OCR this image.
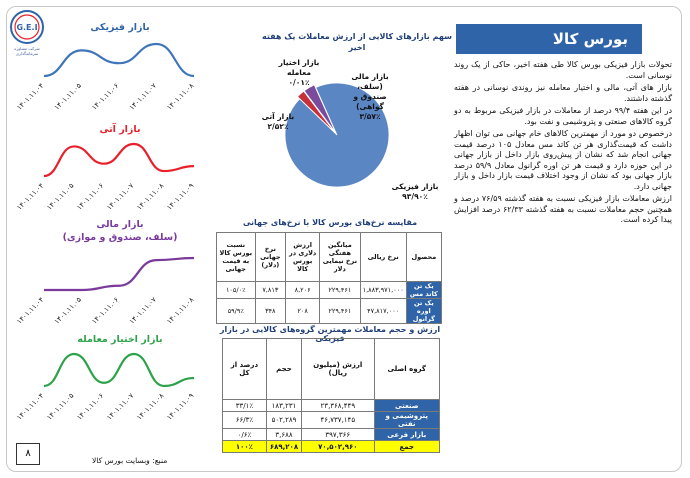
G.E.I
شرکت مشاوره سرمایه‌گذاری
بورس کالا

تحولات بازار فیزیکی بورس کالا طی هفته اخیر، حاکی از یک روند نوسانی است.

بازار های آتی، مالی و اختیار معامله نیز روندی نوسانی در هفته گذشته داشتند.

در این هفته ۹۹/۴ درصد از معاملات در بازار فیزیکی مربوط به دو گروه کالاهای صنعتی و پتروشیمی و نفت بود.

درخصوص دو مورد از مهمترین کالاهای خام جهانی می توان اظهار داشت که قیمت‌گذاری هر تن کاتد مس معادل ۱۰۵ درصد قیمت جهانی انجام شد که نشان از پیش‌روی بازار داخل از بازار جهانی در این حوزه دارد و قیمت هر تن اوره گرانول معادل ۵۹/۹ درصد بازار جهانی بود که نشان از وجود اختلاف قیمت بازار داخل و بازار جهانی دارد.

ارزش معاملات بازار فیزیکی نسبت به هفته گذشته ۷۶/۵۹ درصد و همچنین حجم معاملات نسبت به هفته گذشته ۶۲/۳۳ درصد افزایش پیدا کرده است.

بازار فیزیکی
۱۴۰۱.۱۱.۰۴ ۱۴۰۱.۱۱.۰۵ ۱۴۰۱.۱۱.۰۶ ۱۴۰۱.۱۱.۰۷ ۱۴۰۱.۱۱.۰۸
بازار آتی
۱۴۰۱.۱۱.۰۴ ۱۴۰۱.۱۱.۰۵ ۱۴۰۱.۱۱.۰۶ ۱۴۰۱.۱۱.۰۷ ۱۴۰۱.۱۱.۰۸ ۱۴۰۱.۱۱.۰۹
بازار مالی
(سلف، صندوق و موازی)
۱۴۰۱.۱۱.۰۴ ۱۴۰۱.۱۱.۰۵ ۱۴۰۱.۱۱.۰۶ ۱۴۰۱.۱۱.۰۷ ۱۴۰۱.۱۱.۰۸
بازار اختیار معامله
۱۴۰۱.۱۱.۰۴ ۱۴۰۱.۱۱.۰۵ ۱۴۰۱.۱۱.۰۶ ۱۴۰۱.۱۱.۰۷ ۱۴۰۱.۱۱.۰۸ ۱۴۰۱.۱۱.۰۹
سهم بازارهای کالایی از ارزش معاملات یک هفته اخیر
بازار مالی (سلف، صندوق و گواهی)
۳/۵۷٪
بازار اختیار معامله
۰/۰۱٪
بازار آتی
۲/۵۲٪
بازار فیزیکی
۹۳/۹۰٪
مقایسه نرخ‌های بورس کالا با نرخ‌های جهانی
محصول	نرخ ریالی	میانگین هفتگی نرخ نیمایی دلار	ارزش دلاری در بورس کالا	نرخ جهانی (دلار)	نسبت بورس کالا به قیمت جهانی
یک تن کاتد مس	۱,۸۸۳,۹۷۱,۰۰۰	۲۲۹,۴۶۱	۸,۲۰۶	۷,۸۱۳	۱۰۵/۰٪
یک تن اوره گرانول	۴۷,۸۱۷,۰۰۰	۲۲۹,۴۶۱	۲۰۸	۳۴۸	۵۹/۹٪
ارزش و حجم معاملات مهمترین گروه‌های کالایی در بازار فیزیکی
گروه اصلی	ارزش (میلیون ریال)	حجم	درصد از کل
صنعتی	۲۳,۳۶۸,۴۴۹	۱۸۳,۲۳۱	۳۳/۱٪
پتروشیمی و نفتی	۴۶,۷۳۷,۱۴۵	۵۰۲,۲۸۹	۶۶/۳٪
بازار فرعی	۳۹۷,۳۶۶	۳,۶۸۸	۰/۶٪
جمع	۷۰,۵۰۲,۹۶۰	۶۸۹,۲۰۸	۱۰۰٪
منبع: وبسایت بورس کالا
۸
